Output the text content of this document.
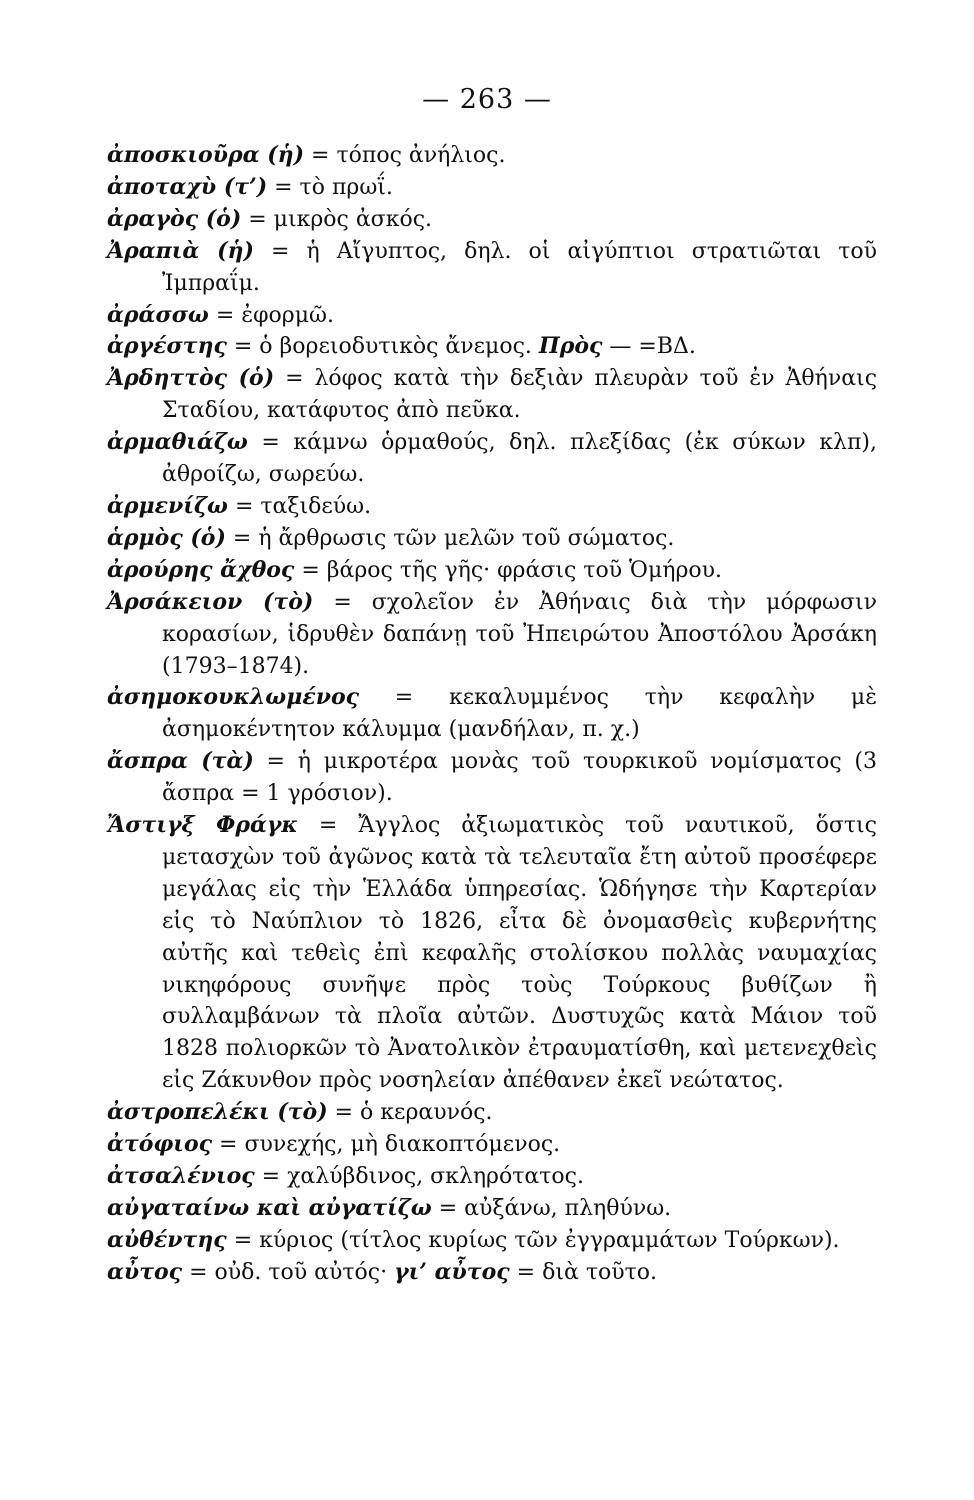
— 263 —

ἀποσκιοῦρα (ἡ) = τόπος ἀνήλιος.

ἀποταχὺ (τ’) = τὸ πρωΐ.

ἀραγὸς (ὁ) = μικρὸς ἀσκός.

Ἀραπιὰ (ἡ) = ἡ Αἴγυπτος, δηλ. οἱ αἰγύπτιοι στρατιῶται τοῦ Ἰμπραΐμ.

ἀράσσω = ἐφορμῶ.

ἀργέστης = ὁ βορειοδυτικὸς ἄνεμος. Πρὸς — =ΒΔ.

Ἀρδηττὸς (ὁ) = λόφος κατὰ τὴν δεξιὰν πλευρὰν τοῦ ἐν Ἀθήναις Σταδίου, κατάφυτος ἀπὸ πεῦκα.

ἀρμαθιάζω = κάμνω ὁρμαθούς, δηλ. πλεξίδας (ἐκ σύκων κλπ), ἀθροίζω, σωρεύω.

ἀρμενίζω = ταξιδεύω.

ἁρμὸς (ὁ) = ἡ ἄρθρωσις τῶν μελῶν τοῦ σώματος.

ἀρούρης ἄχθος = βάρος τῆς γῆς· φράσις τοῦ Ὁμήρου.

Ἀρσάκειον (τὸ) = σχολεῖον ἐν Ἀθήναις διὰ τὴν μόρφωσιν κορασίων, ἱδρυθὲν δαπάνῃ τοῦ Ἠπειρώτου Ἀποστόλου Ἀρσάκη (1793–1874).

ἀσημοκουκλωμένος = κεκαλυμμένος τὴν κεφαλὴν μὲ ἀσημοκέντητον κάλυμμα (μανδήλαν, π. χ.)

ἄσπρα (τὰ) = ἡ μικροτέρα μονὰς τοῦ τουρκικοῦ νομίσματος (3 ἄσπρα = 1 γρόσιον).

Ἄστιγξ Φράγκ = Ἄγγλος ἀξιωματικὸς τοῦ ναυτικοῦ, ὅστις μετασχὼν τοῦ ἀγῶνος κατὰ τὰ τελευταῖα ἔτη αὐτοῦ προσέφερε μεγάλας εἰς τὴν Ἑλλάδα ὑπηρεσίας. Ὡδήγησε τὴν Καρτερίαν εἰς τὸ Ναύπλιον τὸ 1826, εἶτα δὲ ὀνομασθεὶς κυβερνήτης αὐτῆς καὶ τεθεὶς ἐπὶ κεφαλῆς στολίσκου πολλὰς ναυμαχίας νικηφόρους συνῆψε πρὸς τοὺς Τούρκους βυθίζων ἢ συλλαμβάνων τὰ πλοῖα αὐτῶν. Δυστυχῶς κατὰ Μάιον τοῦ 1828 πολιορκῶν τὸ Ἀνατολικὸν ἐτραυματίσθη, καὶ μετενεχθεὶς εἰς Ζάκυνθον πρὸς νοσηλείαν ἀπέθανεν ἐκεῖ νεώτατος.

ἀστροπελέκι (τὸ) = ὁ κεραυνός.

ἀτόφιος = συνεχής, μὴ διακοπτόμενος.

ἀτσαλένιος = χαλύβδινος, σκληρότατος.

αὐγαταίνω καὶ αὐγατίζω = αὐξάνω, πληθύνω.

αὐθέντης = κύριος (τίτλος κυρίως τῶν ἐγγραμμάτων Τούρκων).

αὖτος = οὐδ. τοῦ αὐτός· γι’ αὖτος = διὰ τοῦτο.
